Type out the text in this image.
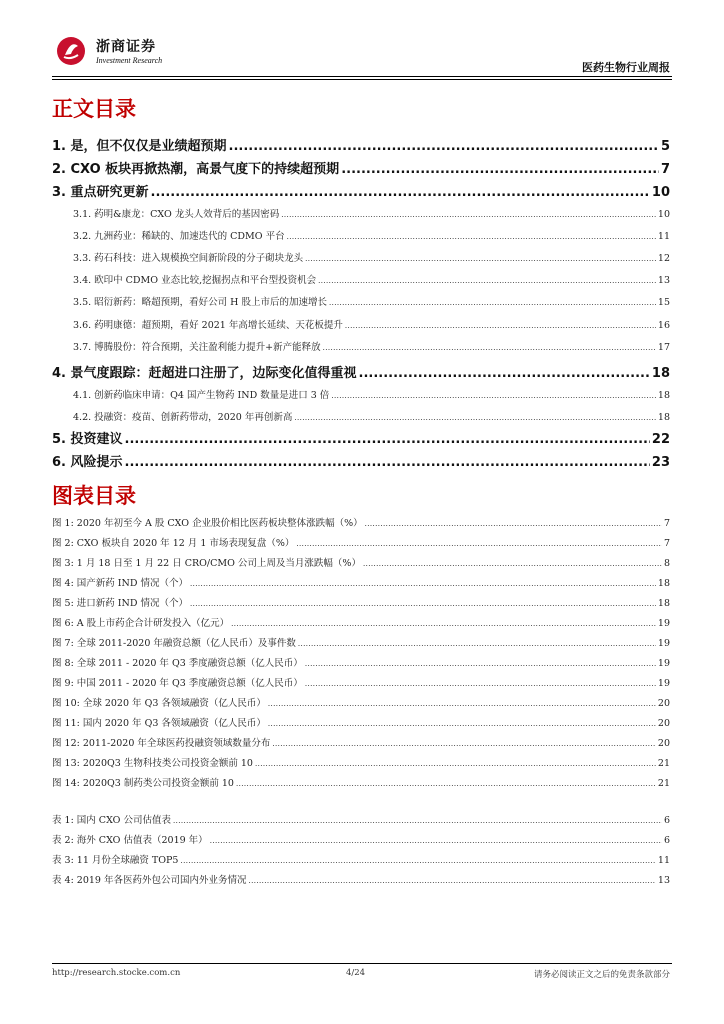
浙商证券
Investment Research
医药生物行业周报
正文目录
1. 是，但不仅仅是业绩超预期 .....	5
2. CXO 板块再掀热潮，高景气度下的持续超预期 .....	7
3. 重点研究更新 .....	10
3.1. 药明&康龙：CXO 龙头人效背后的基因密码 .....	10
3.2. 九洲药业：稀缺的、加速迭代的 CDMO 平台 .....	11
3.3. 药石科技：进入规模换空间新阶段的分子砌块龙头 .....	12
3.4. 欧印中 CDMO 业态比较,挖掘拐点和平台型投资机会 .....	13
3.5. 昭衍新药：略超预期，看好公司 H 股上市后的加速增长 .....	15
3.6. 药明康德：超预期，看好 2021 年高增长延续、天花板提升 .....	16
3.7. 博腾股份：符合预期，关注盈利能力提升+新产能释放 .....	17
4. 景气度跟踪：赶超进口注册了，边际变化值得重视 .....	18
4.1. 创新药临床申请：Q4 国产生物药 IND 数量是进口 3 倍 .....	18
4.2. 投融资：疫苗、创新药带动，2020 年再创新高 .....	18
5. 投资建议 .....	22
6. 风险提示 .....	23
图表目录
图 1: 2020 年初至今 A 股 CXO 企业股价相比医药板块整体涨跌幅（%） .....	7
图 2: CXO 板块自 2020 年 12 月 1 市场表现复盘（%） .....	7
图 3: 1 月 18 日至 1 月 22 日 CRO/CMO 公司上周及当月涨跌幅（%） .....	8
图 4: 国产新药 IND 情况（个） .....	18
图 5: 进口新药 IND 情况（个） .....	18
图 6: A 股上市药企合计研发投入（亿元） .....	19
图 7: 全球 2011-2020 年融资总额（亿人民币）及事件数 .....	19
图 8: 全球 2011 - 2020 年 Q3 季度融资总额（亿人民币） .....	19
图 9: 中国 2011 - 2020 年 Q3 季度融资总额（亿人民币） .....	19
图 10: 全球 2020 年 Q3 各领域融资（亿人民币） .....	20
图 11: 国内 2020 年 Q3 各领域融资（亿人民币） .....	20
图 12: 2011-2020 年全球医药投融资领域数量分布 .....	20
图 13: 2020Q3 生物科技类公司投资金额前 10 .....	21
图 14: 2020Q3 制药类公司投资金额前 10 .....	21
表 1: 国内 CXO 公司估值表 .....	6
表 2: 海外 CXO 估值表（2019 年） .....	6
表 3: 11 月份全球融资 TOP5 .....	11
表 4: 2019 年各医药外包公司国内外业务情况 .....	13
http://research.stocke.com.cn	4/24	请务必阅读正文之后的免责条款部分
